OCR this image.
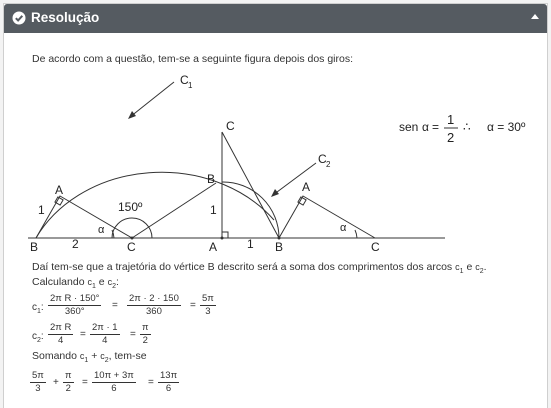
Resolução
De acordo com a questão, tem-se a seguinte figura depois dos giros:
C 1
C 2
B
A
C
B
C
A	B
A
C
1
2
1
1
150º
α	α
sen α = 1
2
∴ α = 30º
Daí tem-se que a trajetória do vértice B descrito será a soma dos comprimentos dos arcos $c_1$ e $c_2$.
Calculando $c_1$ e $c_2$:
$c_1$: $\frac{\text{2π R · 150°}}{360^\circ} = \frac{2\pi \cdot 2 \cdot 150}{360} = \frac{5\pi}{3}$
$c_2$: $\frac{\text{2π R}}{4} = \frac{2\pi \cdot 1}{4} = \frac{\pi}{2}$
Somando $c_1 + c_2$, tem-se
$\frac{5\pi}{3} + \frac{\pi}{2} = \frac{10\pi + 3\pi}{6} = \frac{13\pi}{6}$
